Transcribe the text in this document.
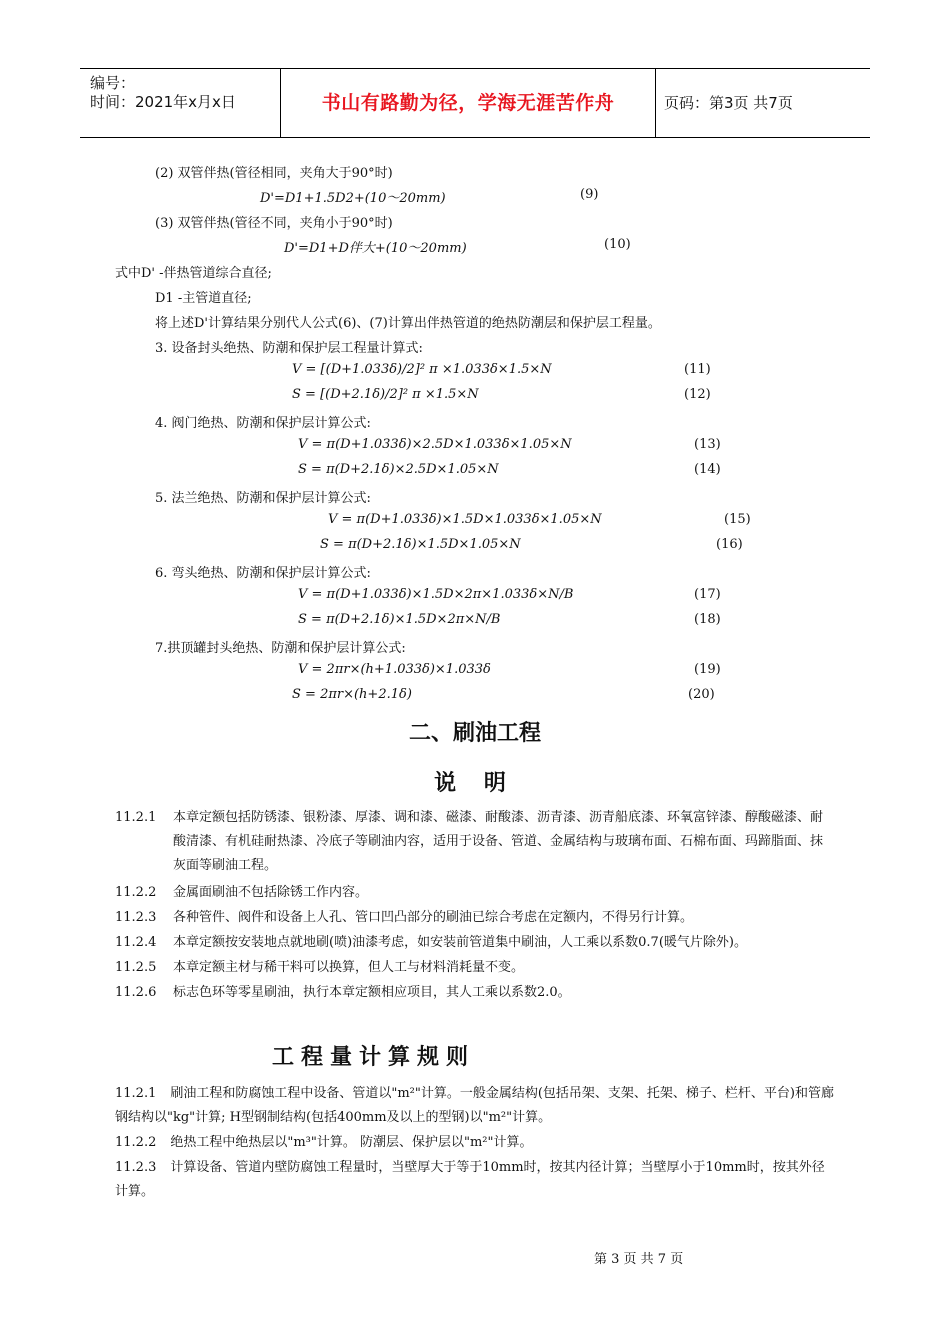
编号：
时间：2021年x月x日	书山有路勤为径，学海无涯苦作舟	页码：第3页 共7页
(2) 双管伴热(管径相同，夹角大于90°时)
D'=D1+1.5D2+(10～20mm)	(9)
(3) 双管伴热(管径不同，夹角小于90°时)
D'=D1+D伴大+(10～20mm)	(10)
式中D' -伴热管道综合直径;
D1 -主管道直径;
将上述D'计算结果分别代人公式(6)、(7)计算出伴热管道的绝热防潮层和保护层工程量。
3. 设备封头绝热、防潮和保护层工程量计算式:
V = [(D+1.033δ)/2]² π ×1.033δ×1.5×N	(11)
S = [(D+2.1δ)/2]² π ×1.5×N	(12)
4. 阀门绝热、防潮和保护层计算公式:
V = π(D+1.033δ)×2.5D×1.033δ×1.05×N	(13)
S = π(D+2.1δ)×2.5D×1.05×N	(14)
5. 法兰绝热、防潮和保护层计算公式:
V = π(D+1.033δ)×1.5D×1.033δ×1.05×N	(15)
S = π(D+2.1δ)×1.5D×1.05×N	(16)
6. 弯头绝热、防潮和保护层计算公式:
V = π(D+1.033δ)×1.5D×2π×1.033δ×N/B	(17)
S = π(D+2.1δ)×1.5D×2π×N/B	(18)
7.拱顶罐封头绝热、防潮和保护层计算公式:
V = 2πr×(h+1.033δ)×1.033δ	(19)
S = 2πr×(h+2.1δ)	(20)
二、刷油工程
说 明
11.2.1 本章定额包括防锈漆、银粉漆、厚漆、调和漆、磁漆、耐酸漆、沥青漆、沥青船底漆、环氧富锌漆、醇酸磁漆、耐酸清漆、有机硅耐热漆、冷底子等刷油内容，适用于设备、管道、金属结构与玻璃布面、石棉布面、玛蹄脂面、抹灰面等刷油工程。
11.2.2 金属面刷油不包括除锈工作内容。
11.2.3 各种管件、阀件和设备上人孔、管口凹凸部分的刷油已综合考虑在定额内，不得另行计算。
11.2.4 本章定额按安装地点就地刷(喷)油漆考虑，如安装前管道集中刷油，人工乘以系数0.7(暖气片除外)。
11.2.5 本章定额主材与稀干料可以换算，但人工与材料消耗量不变。
11.2.6 标志色环等零星刷油，执行本章定额相应项目，其人工乘以系数2.0。
工程量计算规则
11.2.1 刷油工程和防腐蚀工程中设备、管道以"m²"计算。一般金属结构(包括吊架、支架、托架、梯子、栏杆、平台)和管廊钢结构以"kg"计算; H型钢制结构(包括400mm及以上的型钢)以"m²"计算。
11.2.2 绝热工程中绝热层以"m³"计算。 防潮层、保护层以"m²"计算。
11.2.3 计算设备、管道内壁防腐蚀工程量时，当壁厚大于等于10mm时，按其内径计算；当壁厚小于10mm时，按其外径计算。
第 3 页 共 7 页
